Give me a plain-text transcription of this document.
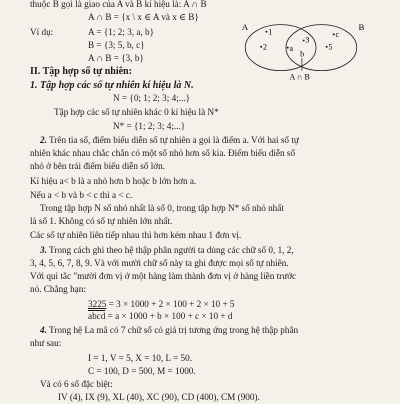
thuộc B gọi là giao của A và B kí hiệu là: A ∩ B
A ∩ B = {x \ x ∈ A và x ∈ B}
Ví dụ:	A = {1; 2; 3, a, b}
B = {3; 5, b, c}
A ∩ B = {3, b}
A	B
1
2
3
b
a	5
c
A ∩ B
II. Tập hợp số tự nhiên:
1. Tập hợp các số tự nhiên kí hiệu là N.
N = {0; 1; 2; 3; 4;...}
Tập hợp các số tự nhiên khác 0 kí hiệu là N*
N* = {1; 2; 3; 4;...}
2. Trên tia số, điểm biểu diễn số tự nhiên a gọi là điểm a. Với hai số tự
nhiên khác nhau chắc chắn có một số nhỏ hơn số kia. Điểm biểu diễn số
nhỏ ở bên trái điểm biểu diễn số lớn.
Kí hiệu a< b là a nhỏ hơn b hoặc b lớn hơn a.
Nếu a < b và b < c thì a < c.
Trong tập hợp N số nhỏ nhất là số 0, trong tập hợp N* số nhỏ nhất
là số 1. Không có số tự nhiên lớn nhất.
Các số tự nhiên liên tiếp nhau thì hơn kém nhau 1 đơn vị.
3. Trong cách ghi theo hệ thập phân người ta dùng các chữ số 0, 1, 2,
3, 4, 5, 6, 7, 8, 9. Và với mười chữ số này ta ghi được mọi số tự nhiên.
Với qui tắc "mười đơn vị ở một hàng làm thành đơn vị ở hàng liền trước
nó. Chẳng hạn:
3225 = 3 × 1000 + 2 × 100 + 2 × 10 + 5
abcd = a × 1000 + b × 100 + c × 10 + d
4. Trong hệ La mã có 7 chữ số có giá trị tương ứng trong hệ thập phân
như sau:
I = 1, V = 5, X = 10, L = 50.
C = 100, D = 500, M = 1000.
Và có 6 số đặc biệt:
IV (4), IX (9), XL (40), XC (90), CD (400), CM (900).
